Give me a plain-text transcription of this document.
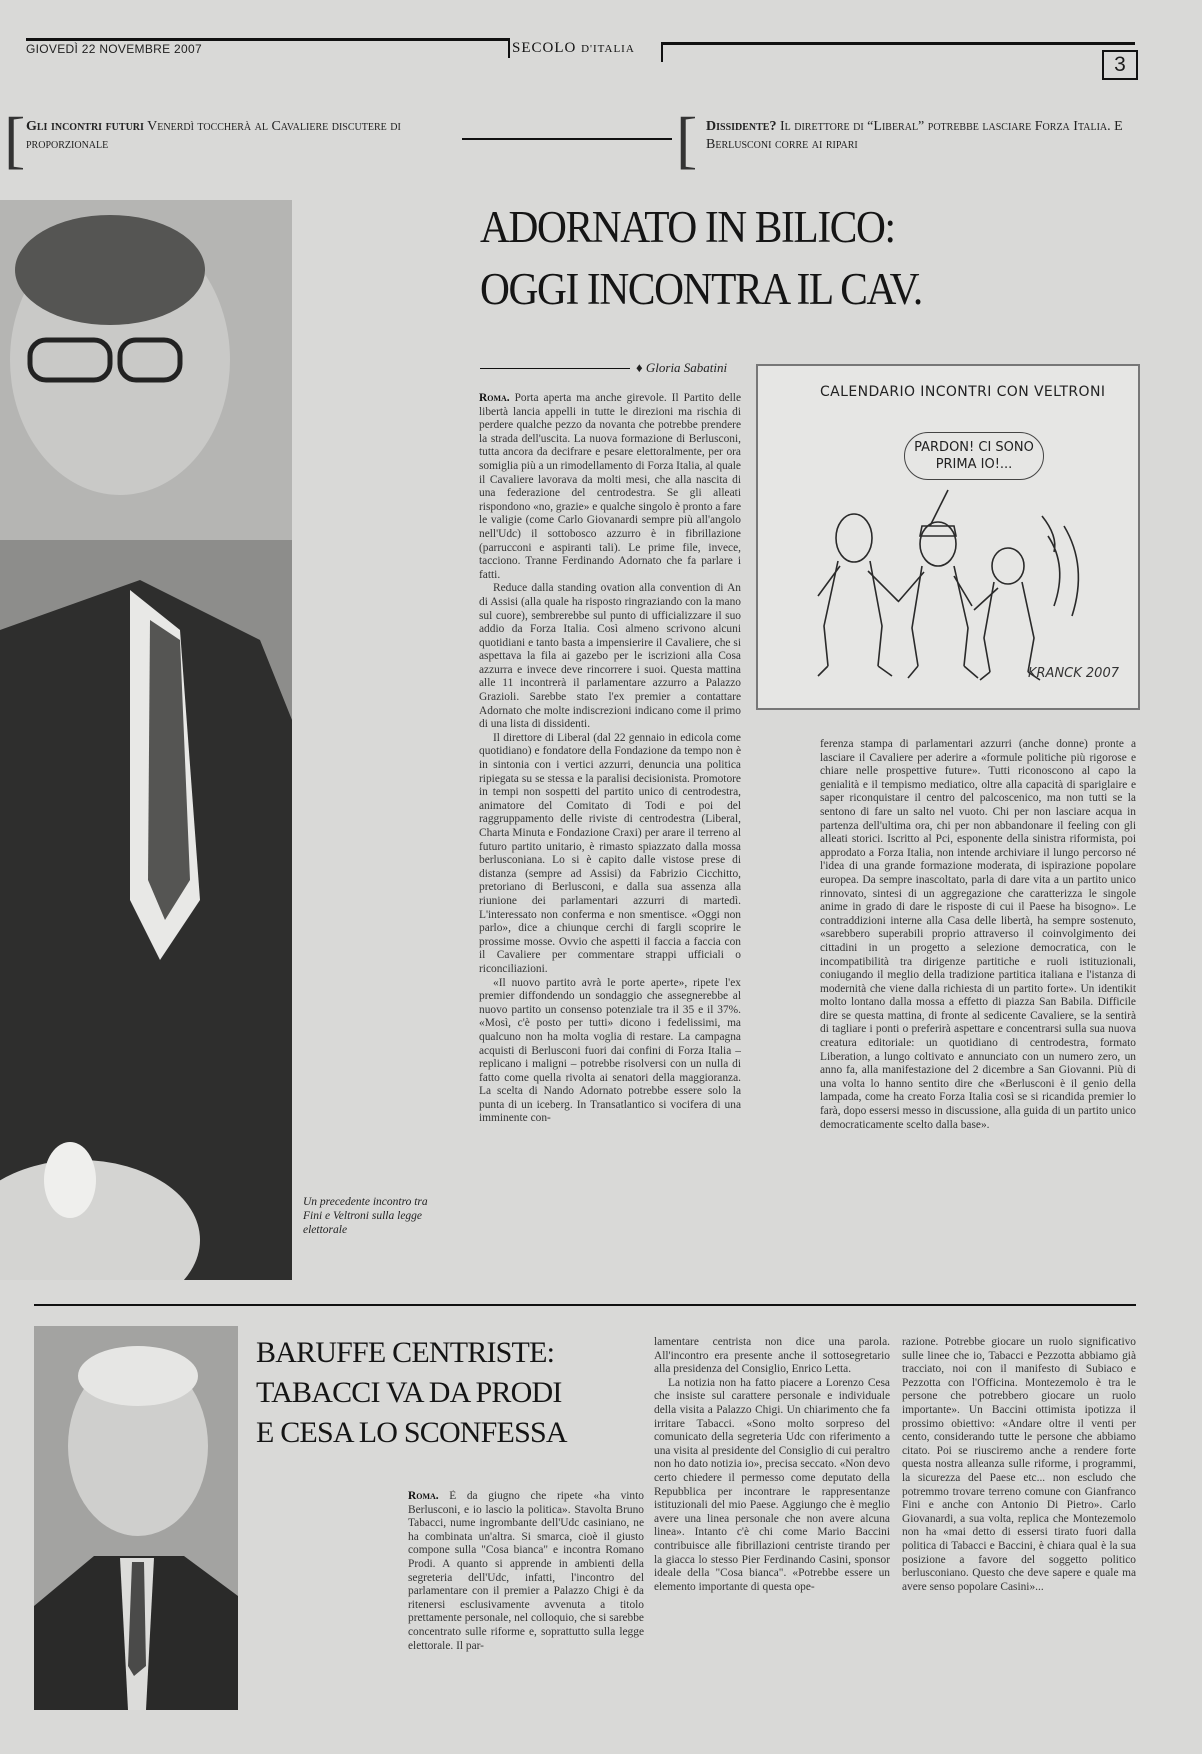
GIOVEDÌ 22 NOVEMBRE 2007	SECOLO D'ITALIA
3
[ Gli incontri futuri Venerdì toccherà al Cavaliere discutere di proporzionale	[ Dissidente? Il direttore di “Liberal” potrebbe lasciare Forza Italia. E Berlusconi corre ai ripari
Un precedente incontro tra Fini e Veltroni sulla legge elettorale
ADORNATO IN BILICO:
OGGI INCONTRA IL CAV.
♦ Gloria Sabatini
CALENDARIO INCONTRI CON VELTRONI
PARDON! CI SONO
PRIMA IO!...
KRANCK 2007

Roma. Porta aperta ma anche girevole. Il Partito delle libertà lancia appelli in tutte le direzioni ma rischia di perdere qualche pezzo da novanta che potrebbe prendere la strada dell'uscita. La nuova formazione di Berlusconi, tutta ancora da decifrare e pesare elettoralmente, per ora somiglia più a un rimodellamento di Forza Italia, al quale il Cavaliere lavorava da molti mesi, che alla nascita di una federazione del centrodestra. Se gli alleati rispondono «no, grazie» e qualche singolo è pronto a fare le valigie (come Carlo Giovanardi sempre più all'angolo nell'Udc) il sottobosco azzurro è in fibrillazione (parrucconi e aspiranti tali). Le prime file, invece, tacciono. Tranne Ferdinando Adornato che fa parlare i fatti.

Reduce dalla standing ovation alla convention di An di Assisi (alla quale ha risposto ringraziando con la mano sul cuore), sembrerebbe sul punto di ufficializzare il suo addio da Forza Italia. Così almeno scrivono alcuni quotidiani e tanto basta a impensierire il Cavaliere, che si aspettava la fila ai gazebo per le iscrizioni alla Cosa azzurra e invece deve rincorrere i suoi. Questa mattina alle 11 incontrerà il parlamentare azzurro a Palazzo Grazioli. Sarebbe stato l'ex premier a contattare Adornato che molte indiscrezioni indicano come il primo di una lista di dissidenti.

Il direttore di Liberal (dal 22 gennaio in edicola come quotidiano) e fondatore della Fondazione da tempo non è in sintonia con i vertici azzurri, denuncia una politica ripiegata su se stessa e la paralisi decisionista. Promotore in tempi non sospetti del partito unico di centrodestra, animatore del Comitato di Todi e poi del raggruppamento delle riviste di centrodestra (Liberal, Charta Minuta e Fondazione Craxi) per arare il terreno al futuro partito unitario, è rimasto spiazzato dalla mossa berlusconiana. Lo si è capito dalle vistose prese di distanza (sempre ad Assisi) da Fabrizio Cicchitto, pretoriano di Berlusconi, e dalla sua assenza alla riunione dei parlamentari azzurri di martedì. L'interessato non conferma e non smentisce. «Oggi non parlo», dice a chiunque cerchi di fargli scoprire le prossime mosse. Ovvio che aspetti il faccia a faccia con il Cavaliere per commentare strappi ufficiali o riconciliazioni.

«Il nuovo partito avrà le porte aperte», ripete l'ex premier diffondendo un sondaggio che assegnerebbe al nuovo partito un consenso potenziale tra il 35 e il 37%. «Mosì, c'è posto per tutti» dicono i fedelissimi, ma qualcuno non ha molta voglia di restare. La campagna acquisti di Berlusconi fuori dai confini di Forza Italia – replicano i maligni – potrebbe risolversi con un nulla di fatto come quella rivolta ai senatori della maggioranza. La scelta di Nando Adornato potrebbe essere solo la punta di un iceberg. In Transatlantico si vociferа di una imminente con-

ferenza stampa di parlamentari azzurri (anche donne) pronte a lasciare il Cavaliere per aderire a «formule politiche più rigorose e chiare nelle prospettive future». Tutti riconoscono al capo la genialità e il tempismo mediatico, oltre alla capacità di spariglaire e saper riconquistare il centro del palcoscenico, ma non tutti se la sentono di fare un salto nel vuoto. Chi per non lasciare acqua in partenza dell'ultima ora, chi per non abbandonare il feeling con gli alleati storici. Iscritto al Pci, esponente della sinistra riformista, poi approdato a Forza Italia, non intende archiviare il lungo percorso né l'idea di una grande formazione moderata, di ispirazione popolare europea. Da sempre inascoltato, parla di dare vita a un partito unico rinnovato, sintesi di un aggregazione che caratterizza le singole anime in grado di dare le risposte di cui il Paese ha bisogno». Le contraddizioni interne alla Casa delle libertà, ha sempre sostenuto, «sarebbero superabili proprio attraverso il coinvolgimento dei cittadini in un progetto a selezione democratica, con le incompatibilità tra dirigenze partitiche e ruoli istituzionali, coniugando il meglio della tradizione partitica italiana e l'istanza di modernità che viene dalla richiesta di un partito forte». Un identikit molto lontano dalla mossa a effetto di piazza San Babila. Difficile dire se questa mattina, di fronte al sedicente Cavaliere, se la sentirà di tagliare i ponti o preferirà aspettare e concentrarsi sulla sua nuova creatura editoriale: un quotidiano di centrodestra, formato Liberation, a lungo coltivato e annunciato con un numero zero, un anno fa, alla manifestazione del 2 dicembre a San Giovanni. Più di una volta lo hanno sentito dire che «Berlusconi è il genio della lampada, come ha creato Forza Italia così se si ricandida premier lo farà, dopo essersi messo in discussione, alla guida di un partito unico democraticamente scelto dalla base».

BARUFFE CENTRISTE:
TABACCI VA DA PRODI
E CESA LO SCONFESSA

Roma. È da giugno che ripete «ha vinto Berlusconi, e io lascio la politica». Stavolta Bruno Tabacci, nume ingrombante dell'Udc casiniano, ne ha combinata un'altra. Si smarca, cioè il giusto compone sulla "Cosa bianca" e incontra Romano Prodi. A quanto si apprende in ambienti della segreteria dell'Udc, infatti, l'incontro del parlamentare con il premier a Palazzo Chigi è da ritenersi esclusivamente avvenuta a titolo prettamente personale, nel colloquio, che si sarebbe concentrato sulle riforme e, soprattutto sulla legge elettorale. Il par-

lamentare centrista non dice una parola. All'incontro era presente anche il sottosegretario alla presidenza del Consiglio, Enrico Letta.

La notizia non ha fatto piacere a Lorenzo Cesa che insiste sul carattere personale e individuale della visita a Palazzo Chigi. Un chiarimento che fa irritare Tabacci. «Sono molto sorpreso del comunicato della segreteria Udc con riferimento a una visita al presidente del Consiglio di cui peraltro non ho dato notizia io», precisa seccato. «Non devo certo chiedere il permesso come deputato della Repubblica per incontrare le rappresentanze istituzionali del mio Paese. Aggiungo che è meglio avere una linea personale che non avere alcuna linea». Intanto c'è chi come Mario Baccini contribuisce alle fibrillazioni centriste tirando per la giacca lo stesso Pier Ferdinando Casini, sponsor ideale della "Cosa bianca". «Potrebbe essere un elemento importante di questa ope-

razione. Potrebbe giocare un ruolo significativo sulle linee che io, Tabacci e Pezzotta abbiamo già tracciato, noi con il manifesto di Subiaco e Pezzotta con l'Officina. Montezemolo è tra le persone che potrebbero giocare un ruolo importante». Un Baccini ottimista ipotizza il prossimo obiettivo: «Andare oltre il venti per cento, considerando tutte le persone che abbiamo citato. Poi se riusciremo anche a rendere forte questa nostra alleanza sulle riforme, i programmi, la sicurezza del Paese etc... non escludo che potremmo trovare terreno comune con Gianfranco Fini e anche con Antonio Di Pietro». Carlo Giovanardi, a sua volta, replica che Montezemolo non ha «mai detto di essersi tirato fuori dalla politica di Tabacci e Baccini, è chiara qual è la sua posizione a favore del soggetto politico berlusconiano. Questo che deve sapere e quale ma avere senso popolare Casini»...
